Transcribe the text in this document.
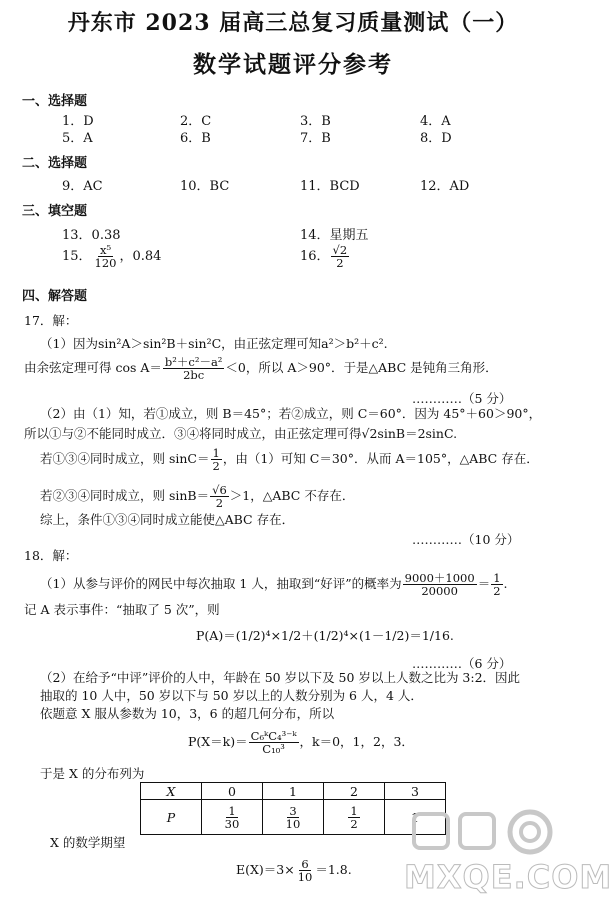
丹东市 2023 届高三总复习质量测试（一）
数学试题评分参考
一、选择题
1．D	2．C	3．B	4．A
5．A	6．B	7．B	8．D
二、选择题
9．AC	10．BC	11．BCD	12．AD
三、填空题
13．0.38	14．星期五
15． $\frac{\text{x⁵}}{120}$ ，0.84	16． $\frac{√2}{2}$
四、解答题
17．解：
（1）因为sin²A＞sin²B＋sin²C，由正弦定理可知a²＞b²＋c².
由余弦定理可得 $\cos A= \frac{\text{b²＋c²－a²}}{2bc} <0$，所以 A＞90°．于是△ABC 是钝角三角形．
…………（5 分）
（2）由（1）知，若①成立，则 B＝45°；若②成立，则 C＝60°．因为 45°＋60＞90°，
所以①与②不能同时成立．③④将同时成立，由正弦定理可得√2sinB＝2sinC.
若①③④同时成立，则 $\sin C= \frac{1}{2}$ ，由（1）可知 C＝30°．从而 A＝105°，△ABC 存在．
若②③④同时成立，则 $\sin B= \frac{√6}{2} >1$，△ABC 不存在．
综上，条件①③④同时成立能使△ABC 存在．
…………（10 分）
18．解：
（1）从参与评价的网民中每次抽取 1 人，抽取到“好评”的概率为 $\frac{9000+1000}{20000} = \frac{1}{2}$ .
记 A 表示事件：“抽取了 5 次”，则
P(A)＝(1/2)⁴×1/2＋(1/2)⁴×(1－1/2)＝1/16.
…………（6 分）
（2）在给予“中评”评价的人中，年龄在 50 岁以下及 50 岁以上人数之比为 3:2．因此
抽取的 10 人中，50 岁以下与 50 岁以上的人数分别为 6 人，4 人．
依题意 X 服从参数为 10，3，6 的超几何分布，所以
$P(X=k)= \frac{\text{C₆ᵏC₄³⁻ᵏ}}{\text{C₁₀³}}$ ，k＝0，1，2，3．
于是 X 的分布列为
X	0	1	2	3
P	$\frac{1}{30}$	$\frac{3}{10}$	$\frac{1}{2}$	1
X 的数学期望
$E(X)=3\times \frac{6}{10} =1.8$. MXQE.COM
